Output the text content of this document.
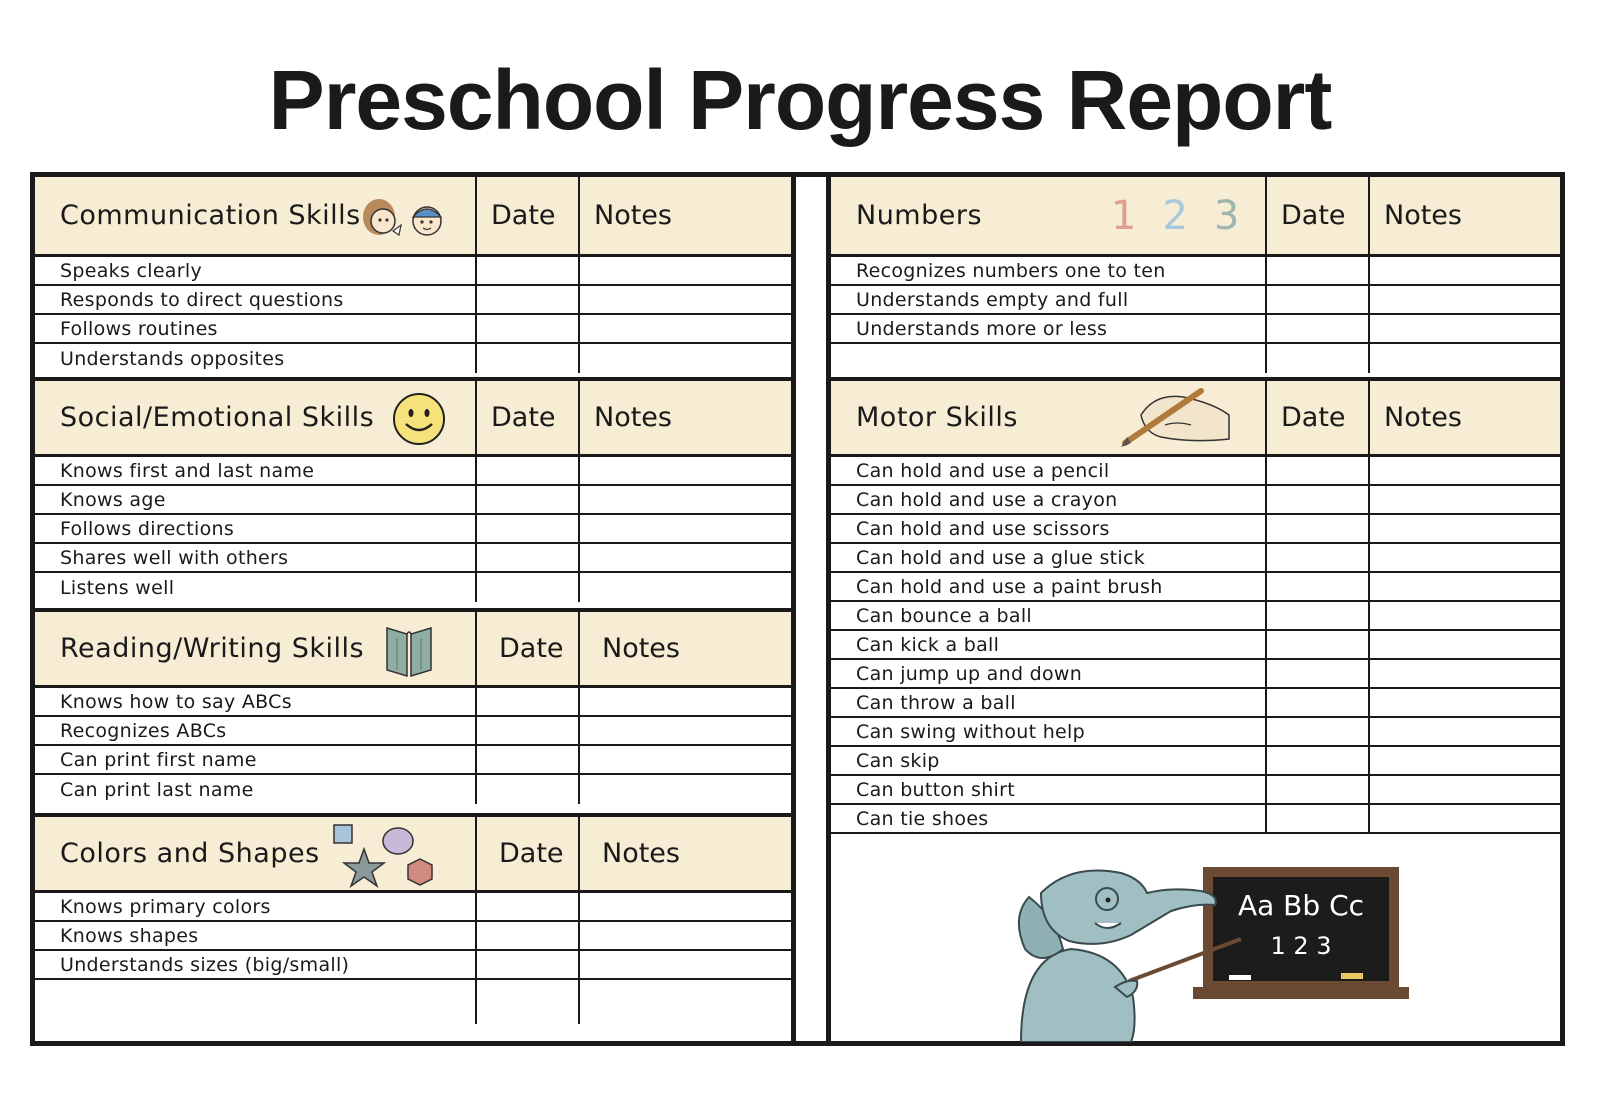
Preschool Progress Report
Communication Skills	Date	Notes
Speaks clearly
Responds to direct questions
Follows routines
Understands opposites
Social/Emotional Skills	Date	Notes
Knows first and last name
Knows age
Follows directions
Shares well with others
Listens well
Reading/Writing Skills	Date	Notes
Knows how to say ABCs
Recognizes ABCs
Can print first name
Can print last name
Colors and Shapes	Date	Notes
Knows primary colors
Knows shapes
Understands sizes (big/small)
Numbers	1 2 3	Date	Notes
Recognizes numbers one to ten
Understands empty and full
Understands more or less
Motor Skills	Date	Notes
Can hold and use a pencil
Can hold and use a crayon
Can hold and use scissors
Can hold and use a glue stick
Can hold and use a paint brush
Can bounce a ball
Can kick a ball
Can jump up and down
Can throw a ball
Can swing without help
Can skip
Can button shirt
Can tie shoes
Aa Bb Cc
1 2 3
